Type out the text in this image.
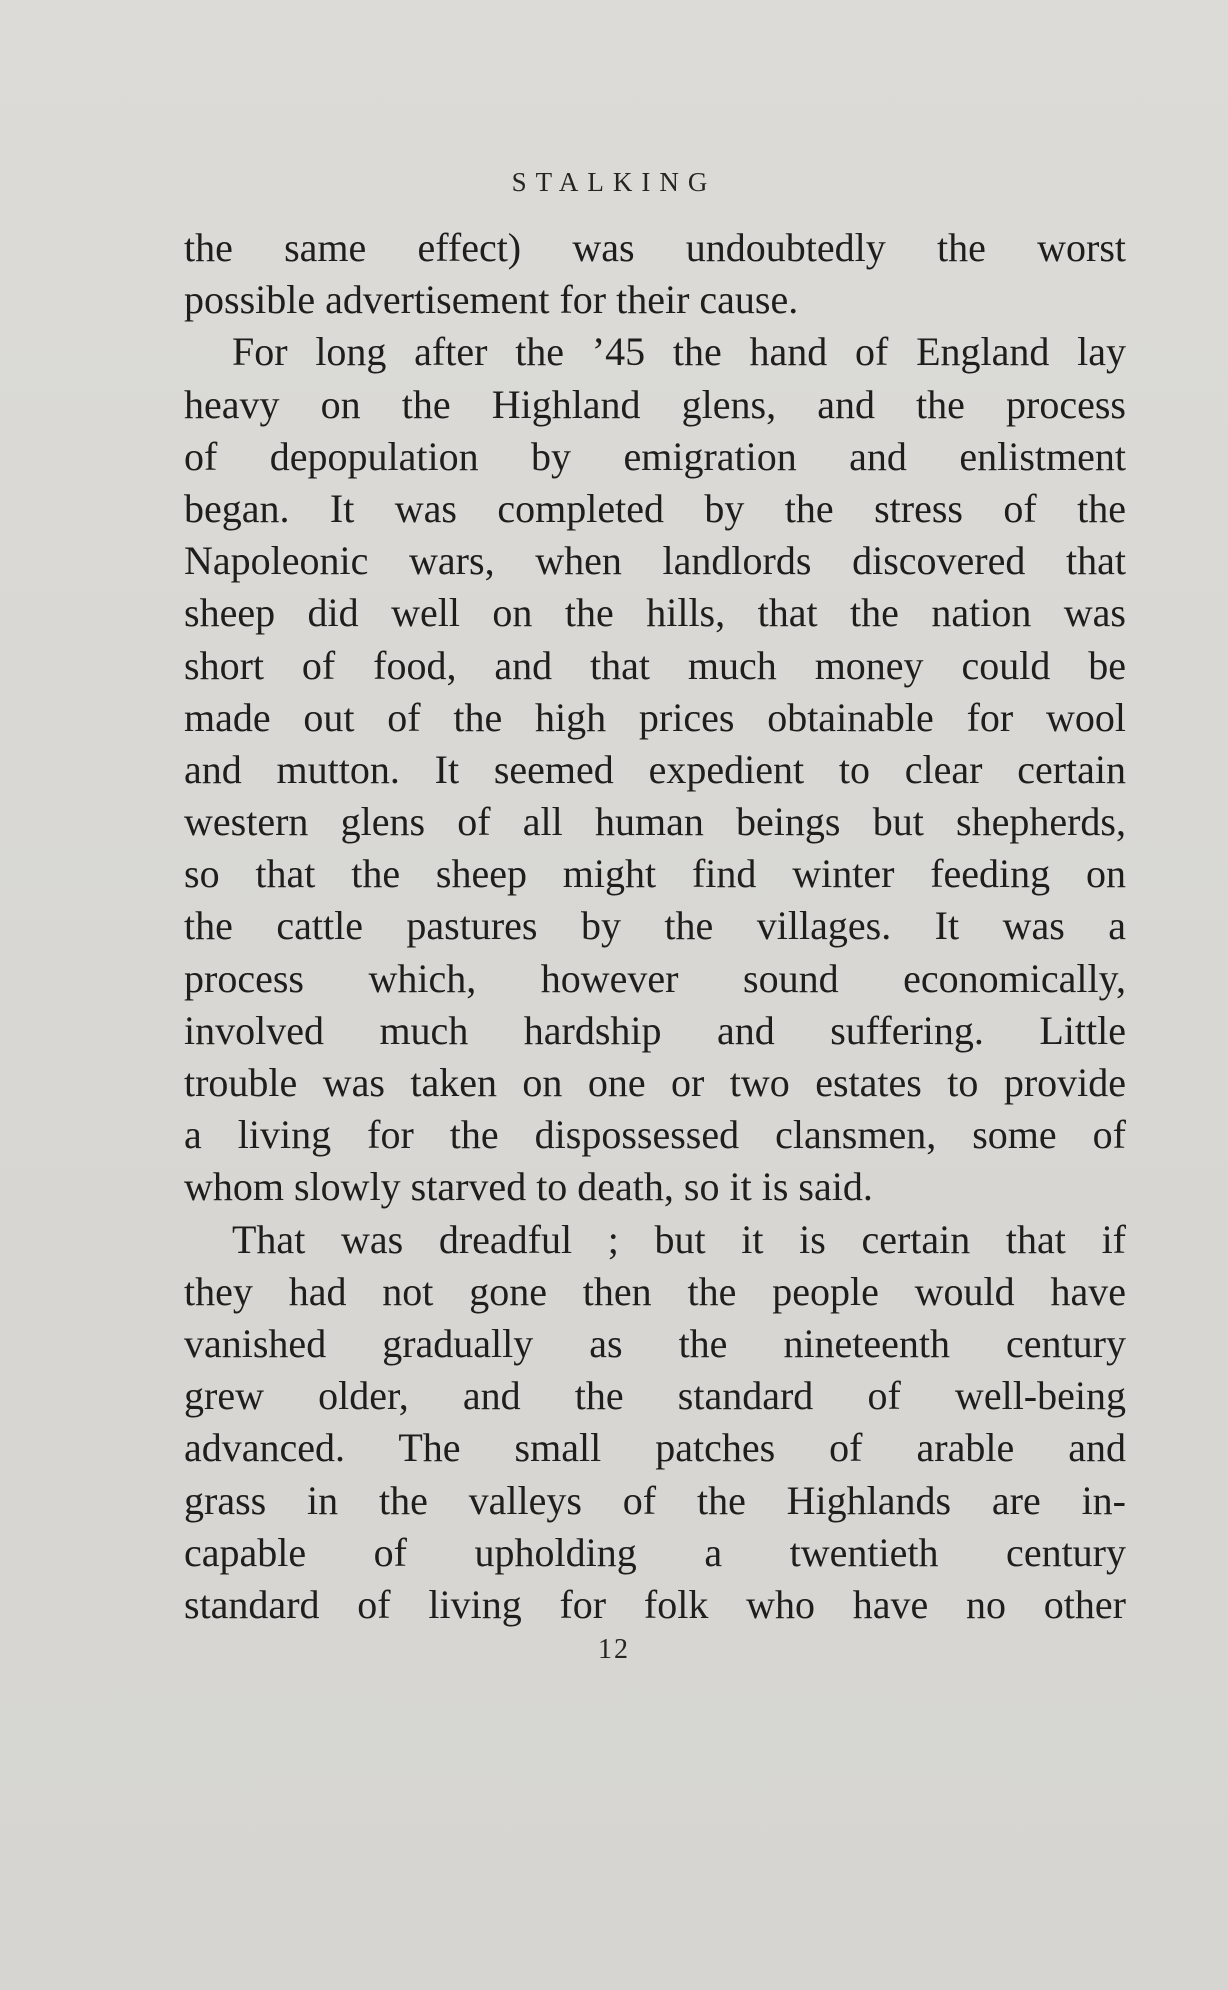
STALKING
the same effect) was undoubtedly the worst
possible advertisement for their cause.
For long after the ’45 the hand of England lay
heavy on the Highland glens, and the process
of depopulation by emigration and enlistment
began. It was completed by the stress of the
Napoleonic wars, when landlords discovered that
sheep did well on the hills, that the nation was
short of food, and that much money could be
made out of the high prices obtainable for wool
and mutton. It seemed expedient to clear certain
western glens of all human beings but shepherds,
so that the sheep might find winter feeding on
the cattle pastures by the villages. It was a
process which, however sound economically,
involved much hardship and suffering. Little
trouble was taken on one or two estates to provide
a living for the dispossessed clansmen, some of
whom slowly starved to death, so it is said.
That was dreadful ; but it is certain that if
they had not gone then the people would have
vanished gradually as the nineteenth century
grew older, and the standard of well-being
advanced. The small patches of arable and
grass in the valleys of the Highlands are in-
capable of upholding a twentieth century
standard of living for folk who have no other
12
